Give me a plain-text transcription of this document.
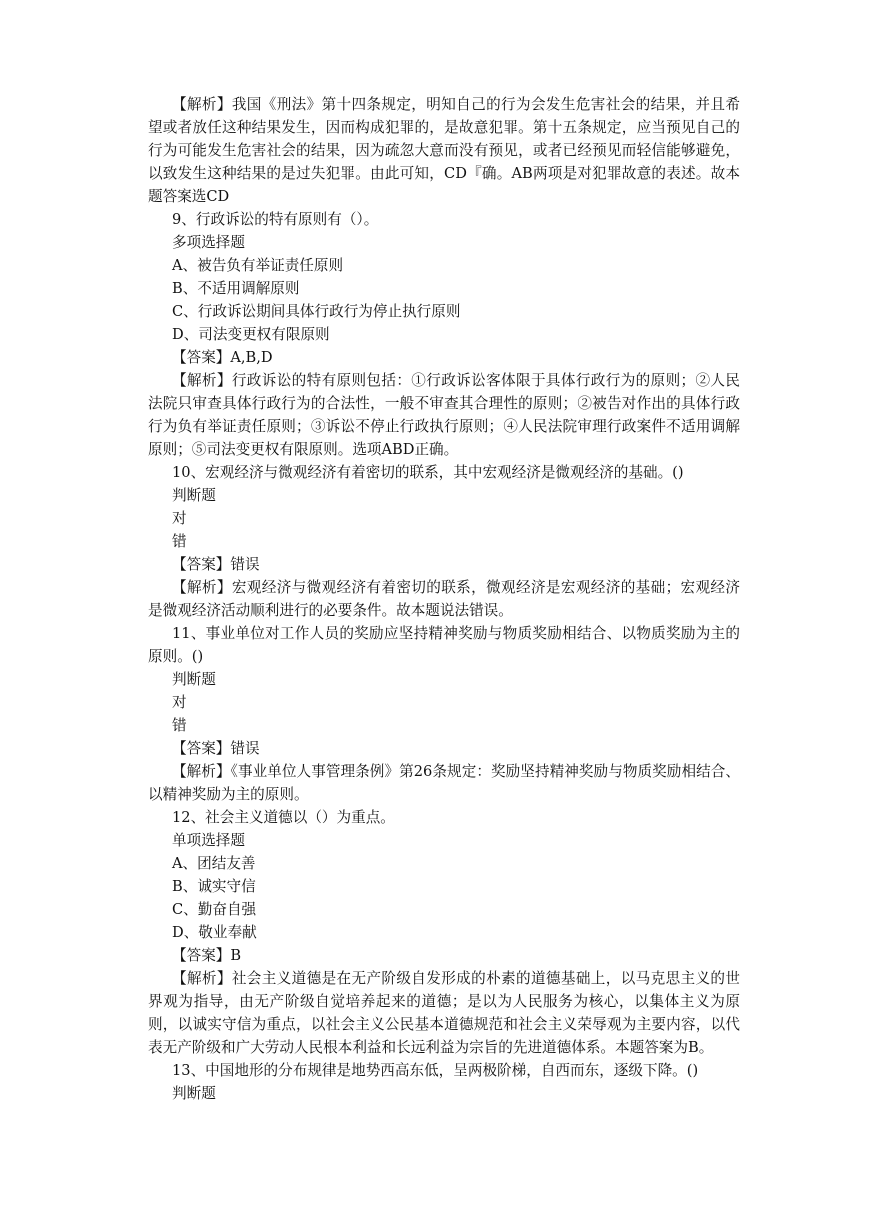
【解析】我国《刑法》第十四条规定，明知自己的行为会发生危害社会的结果，并且希望或者放任这种结果发生，因而构成犯罪的，是故意犯罪。第十五条规定，应当预见自己的行为可能发生危害社会的结果，因为疏忽大意而没有预见，或者已经预见而轻信能够避免，以致发生这种结果的是过失犯罪。由此可知，CD『确。AB两项是对犯罪故意的表述。故本题答案选CD

9、行政诉讼的特有原则有（）。

多项选择题

A、被告负有举证责任原则

B、不适用调解原则

C、行政诉讼期间具体行政行为停止执行原则

D、司法变更权有限原则

【答案】A,B,D

【解析】行政诉讼的特有原则包括：①行政诉讼客体限于具体行政行为的原则；②人民法院只审查具体行政行为的合法性，一般不审查其合理性的原则；②被告对作出的具体行政行为负有举证责任原则；③诉讼不停止行政执行原则；④人民法院审理行政案件不适用调解原则；⑤司法变更权有限原则。选项ABD正确。

10、宏观经济与微观经济有着密切的联系，其中宏观经济是微观经济的基础。()

判断题

对

错

【答案】错误

【解析】宏观经济与微观经济有着密切的联系，微观经济是宏观经济的基础；宏观经济是微观经济活动顺利进行的必要条件。故本题说法错误。

11、事业单位对工作人员的奖励应坚持精神奖励与物质奖励相结合、以物质奖励为主的原则。()

判断题

对

错

【答案】错误

【解析】《事业单位人事管理条例》第26条规定：奖励坚持精神奖励与物质奖励相结合、以精神奖励为主的原则。

12、社会主义道德以（）为重点。

单项选择题

A、团结友善

B、诚实守信

C、勤奋自强

D、敬业奉献

【答案】B

【解析】社会主义道德是在无产阶级自发形成的朴素的道德基础上，以马克思主义的世界观为指导，由无产阶级自觉培养起来的道德；是以为人民服务为核心，以集体主义为原则，以诚实守信为重点，以社会主义公民基本道德规范和社会主义荣辱观为主要内容，以代表无产阶级和广大劳动人民根本利益和长远利益为宗旨的先进道德体系。本题答案为B。

13、中国地形的分布规律是地势西高东低，呈两极阶梯，自西而东，逐级下降。()

判断题
